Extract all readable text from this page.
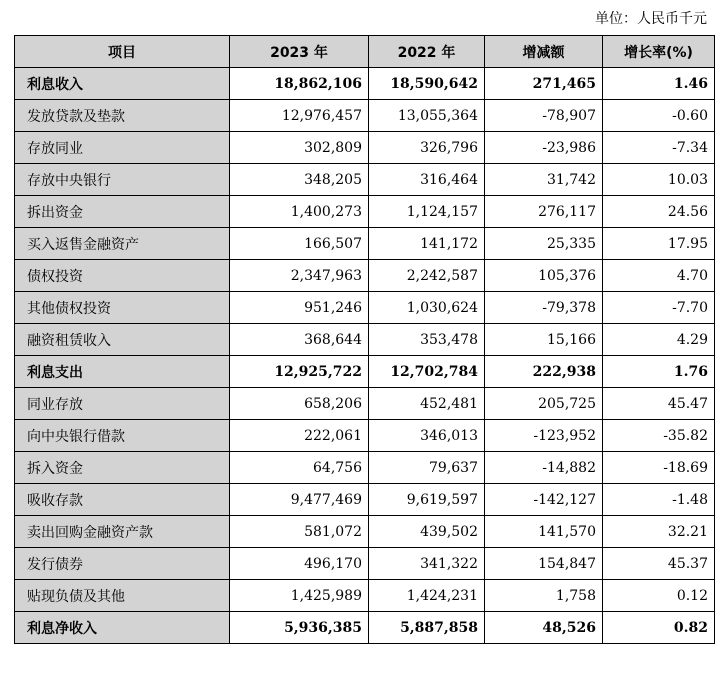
单位：人民币千元
项目	2023 年	2022 年	增减额	增长率(%)
利息收入	18,862,106	18,590,642	271,465	1.46
发放贷款及垫款	12,976,457	13,055,364	-78,907	-0.60
存放同业	302,809	326,796	-23,986	-7.34
存放中央银行	348,205	316,464	31,742	10.03
拆出资金	1,400,273	1,124,157	276,117	24.56
买入返售金融资产	166,507	141,172	25,335	17.95
债权投资	2,347,963	2,242,587	105,376	4.70
其他债权投资	951,246	1,030,624	-79,378	-7.70
融资租赁收入	368,644	353,478	15,166	4.29
利息支出	12,925,722	12,702,784	222,938	1.76
同业存放	658,206	452,481	205,725	45.47
向中央银行借款	222,061	346,013	-123,952	-35.82
拆入资金	64,756	79,637	-14,882	-18.69
吸收存款	9,477,469	9,619,597	-142,127	-1.48
卖出回购金融资产款	581,072	439,502	141,570	32.21
发行债券	496,170	341,322	154,847	45.37
贴现负债及其他	1,425,989	1,424,231	1,758	0.12
利息净收入	5,936,385	5,887,858	48,526	0.82
